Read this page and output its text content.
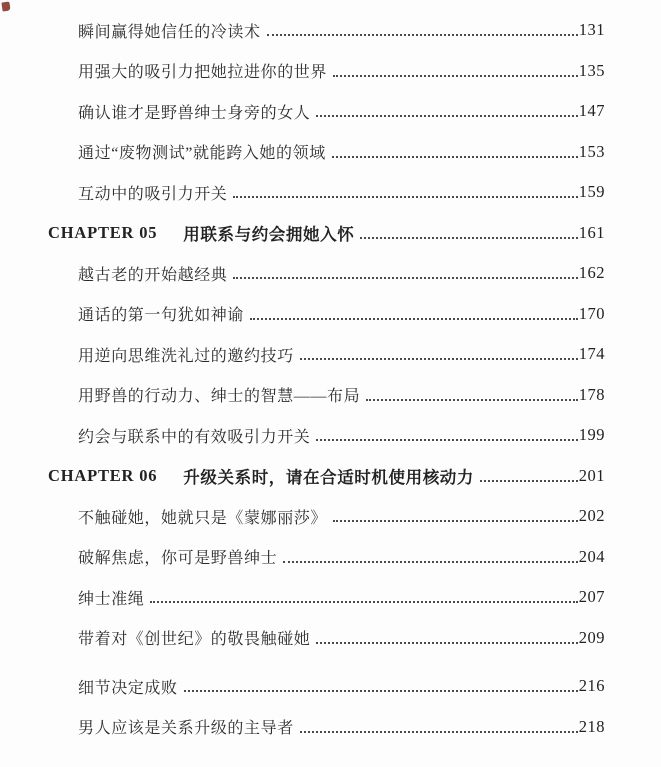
瞬间赢得她信任的冷读术	131
用强大的吸引力把她拉进你的世界	135
确认谁才是野兽绅士身旁的女人	147
通过“废物测试”就能跨入她的领域	153
互动中的吸引力开关	159
CHAPTER 05 用联系与约会拥她入怀	161
越古老的开始越经典	162
通话的第一句犹如神谕	170
用逆向思维洗礼过的邀约技巧	174
用野兽的行动力、绅士的智慧——布局	178
约会与联系中的有效吸引力开关	199
CHAPTER 06 升级关系时，请在合适时机使用核动力	201
不触碰她，她就只是《蒙娜丽莎》	202
破解焦虑，你可是野兽绅士	204
绅士准绳	207
带着对《创世纪》的敬畏触碰她	209
细节决定成败	216
男人应该是关系升级的主导者	218
